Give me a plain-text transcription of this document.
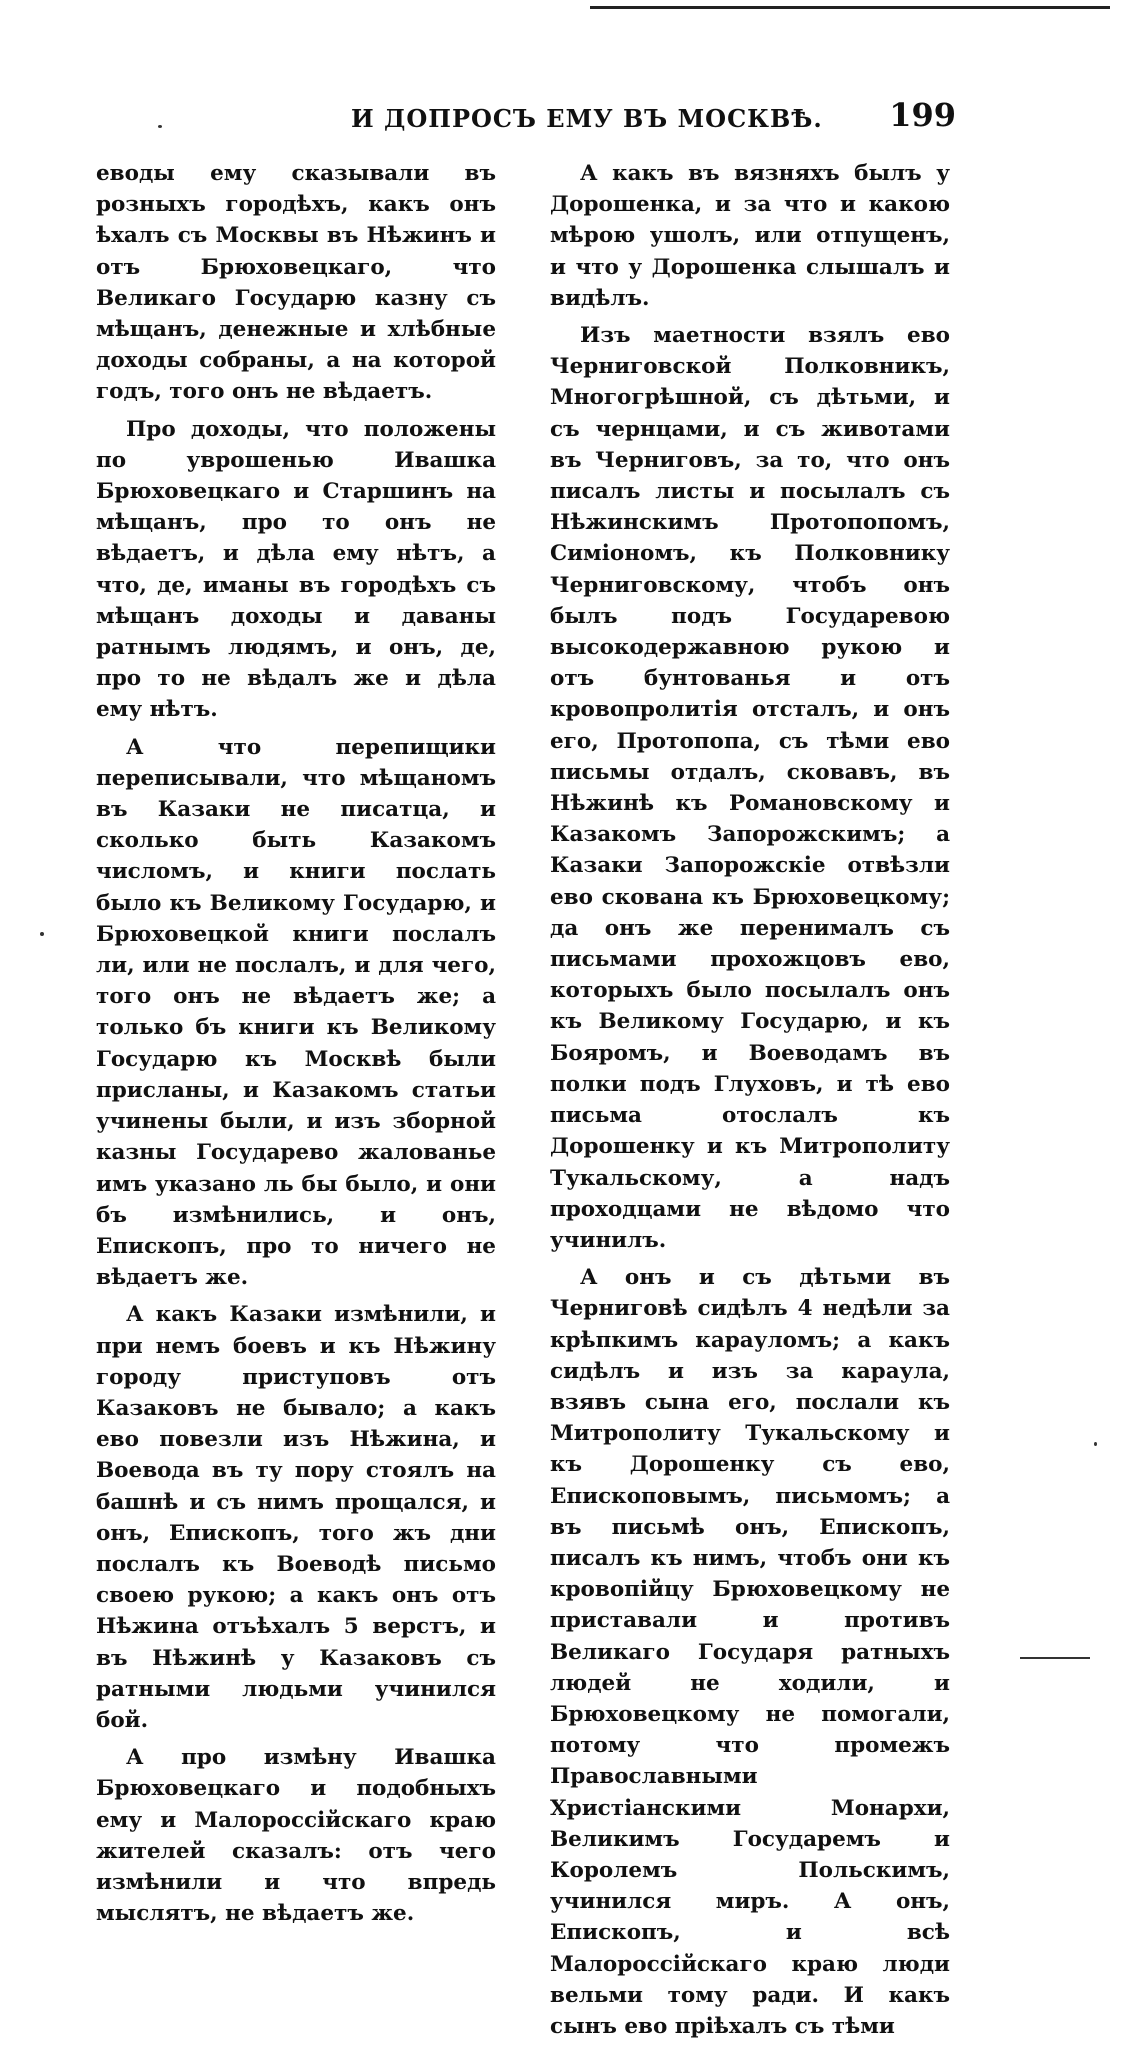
И ДОПРОСЪ ЕМУ ВЪ МОСКВѢ. 199

еводы ему сказывали въ розныхъ городѣхъ, какъ онъ ѣхалъ съ Москвы въ Нѣжинъ и отъ Брюховецкаго, что Великаго Государю казну съ мѣщанъ, денежные и хлѣбные доходы собраны, а на которой годъ, того онъ не вѣдаетъ.

Про доходы, что положены по уврошенью Ивашка Брюховецкаго и Старшинъ на мѣщанъ, про то онъ не вѣдаетъ, и дѣла ему нѣтъ, а что, де, иманы въ городѣхъ съ мѣщанъ доходы и даваны ратнымъ людямъ, и онъ, де, про то не вѣдалъ же и дѣла ему нѣтъ.

А что перепищики переписывали, что мѣщаномъ въ Казаки не писатца, и сколько быть Казакомъ числомъ, и книги послать было къ Великому Государю, и Брюховецкой книги послалъ ли, или не послалъ, и для чего, того онъ не вѣдаетъ же; а только бъ книги къ Великому Государю къ Москвѣ были присланы, и Казакомъ статьи учинены были, и изъ зборной казны Государево жалованье имъ указано ль бы было, и они бъ измѣнились, и онъ, Епископъ, про то ничего не вѣдаетъ же.

А какъ Казаки измѣнили, и при немъ боевъ и къ Нѣжину городу приступовъ отъ Казаковъ не бывало; а какъ ево повезли изъ Нѣжина, и Воевода въ ту пору стоялъ на башнѣ и съ нимъ прощался, и онъ, Епископъ, того жъ дни послалъ къ Воеводѣ письмо своею рукою; а какъ онъ отъ Нѣжина отъѣхалъ 5 верстъ, и въ Нѣжинѣ у Казаковъ съ ратными людьми учинился бой.

А про измѣну Ивашка Брюховецкаго и подобныхъ ему и Малороссійскаго краю жителей сказалъ: отъ чего измѣнили и что впредь мыслятъ, не вѣдаетъ же.

А какъ въ вязняхъ былъ у Дорошенка, и за что и какою мѣрою ушолъ, или отпущенъ, и что у Дорошенка слышалъ и видѣлъ.

Изъ маетности взялъ ево Черниговской Полковникъ, Многогрѣшной, съ дѣтьми, и съ чернцами, и съ животами въ Черниговъ, за то, что онъ писалъ листы и посылалъ съ Нѣжинскимъ Протопопомъ, Симіономъ, къ Полковнику Черниговскому, чтобъ онъ былъ подъ Государевою высокодержавною рукою и отъ бунтованья и отъ кровопролитія отсталъ, и онъ его, Протопопа, съ тѣми ево письмы отдалъ, сковавъ, въ Нѣжинѣ къ Романовскому и Казакомъ Запорожскимъ; а Казаки Запорожскіе отвѣзли ево скована къ Брюховецкому; да онъ же перенималъ съ письмами прохожцовъ ево, которыхъ было посылалъ онъ къ Великому Государю, и къ Бояромъ, и Воеводамъ въ полки подъ Глуховъ, и тѣ ево письма отослалъ къ Дорошенку и къ Митрополиту Тукальскому, а надъ проходцами не вѣдомо что учинилъ.

А онъ и съ дѣтьми въ Черниговѣ сидѣлъ 4 недѣли за крѣпкимъ карауломъ; а какъ сидѣлъ и изъ за караула, взявъ сына его, послали къ Митрополиту Тукальскому и къ Дорошенку съ ево, Епископовымъ, письмомъ; а въ письмѣ онъ, Епископъ, писалъ къ нимъ, чтобъ они къ кровопійцу Брюховецкому не приставали и противъ Великаго Государя ратныхъ людей не ходили, и Брюховецкому не помогали, потому что промежъ Православными Христіанскими Монархи, Великимъ Государемъ и Королемъ Польскимъ, учинился миръ. А онъ, Епископъ, и всѣ Малороссійскаго краю люди вельми тому ради. И какъ сынъ ево пріѣхалъ съ тѣми
